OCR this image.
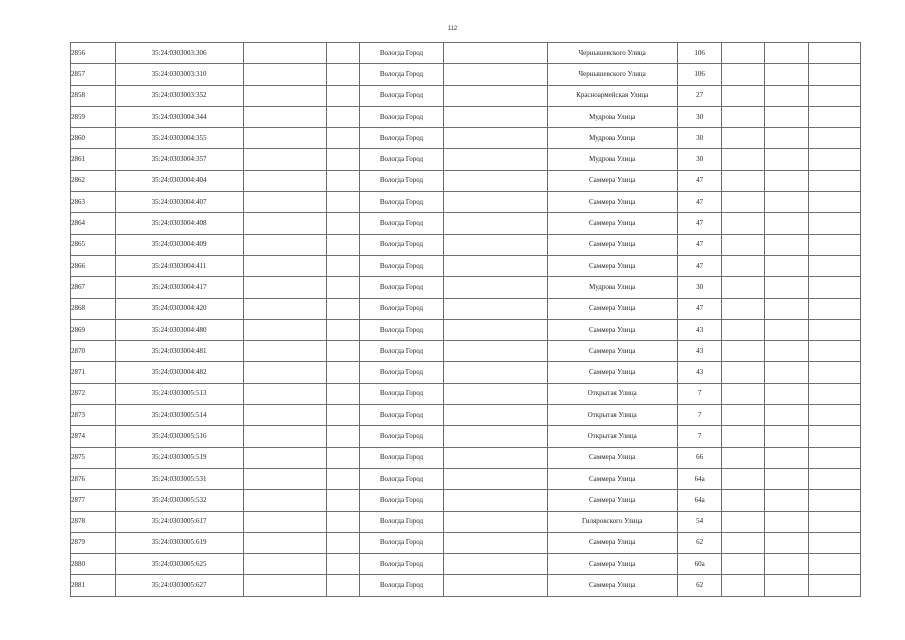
112
2856	35:24:0303003:306			Вологда Город		Чернышевского Улица	106			
2857	35:24:0303003:310			Вологда Город		Чернышевского Улица	106			
2858	35:24:0303003:352			Вологда Город		Красноармейская Улица	27			
2859	35:24:0303004:344			Вологда Город		Мудрова Улица	30			
2860	35:24:0303004:355			Вологда Город		Мудрова Улица	30			
2861	35:24:0303004:357			Вологда Город		Мудрова Улица	30			
2862	35:24:0303004:404			Вологда Город		Саммера Улица	47			
2863	35:24:0303004:407			Вологда Город		Саммера Улица	47			
2864	35:24:0303004:408			Вологда Город		Саммера Улица	47			
2865	35:24:0303004:409			Вологда Город		Саммера Улица	47			
2866	35:24:0303004:411			Вологда Город		Саммера Улица	47			
2867	35:24:0303004:417			Вологда Город		Мудрова Улица	30			
2868	35:24:0303004:420			Вологда Город		Саммера Улица	47			
2869	35:24:0303004:480			Вологда Город		Саммера Улица	43			
2870	35:24:0303004:481			Вологда Город		Саммера Улица	43			
2871	35:24:0303004:482			Вологда Город		Саммера Улица	43			
2872	35:24:0303005:513			Вологда Город		Открытая Улица	7			
2873	35:24:0303005:514			Вологда Город		Открытая Улица	7			
2874	35:24:0303005:516			Вологда Город		Открытая Улица	7			
2875	35:24:0303005:519			Вологда Город		Саммера Улица	66			
2876	35:24:0303005:531			Вологда Город		Саммера Улица	64а			
2877	35:24:0303005:532			Вологда Город		Саммера Улица	64а			
2878	35:24:0303005:617			Вологда Город		Гиляровского Улица	54			
2879	35:24:0303005:619			Вологда Город		Саммера Улица	62			
2880	35:24:0303005:625			Вологда Город		Саммера Улица	60а			
2881	35:24:0303005:627			Вологда Город		Саммера Улица	62			
